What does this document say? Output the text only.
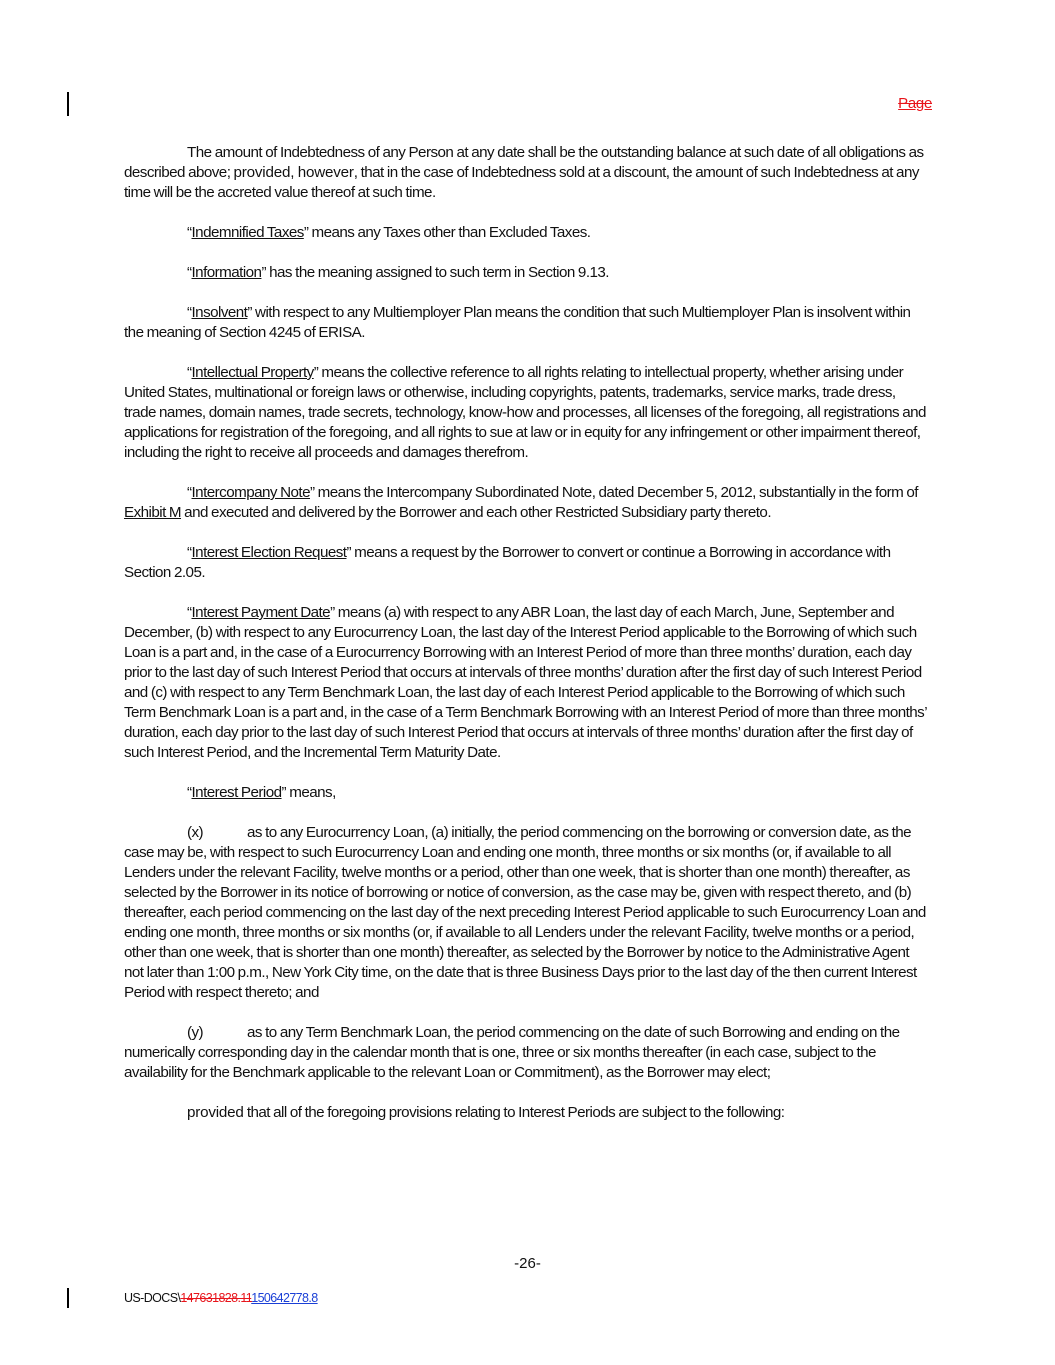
Page

The amount of Indebtedness of any Person at any date shall be the outstanding balance at such date of all obligations as described above; provided, however, that in the case of Indebtedness sold at a discount, the amount of such Indebtedness at any time will be the accreted value thereof at such time.

“Indemnified Taxes” means any Taxes other than Excluded Taxes.

“Information” has the meaning assigned to such term in Section 9.13.

“Insolvent” with respect to any Multiemployer Plan means the condition that such Multiemployer Plan is insolvent within the meaning of Section 4245 of ERISA.

“Intellectual Property” means the collective reference to all rights relating to intellectual property, whether arising under United States, multinational or foreign laws or otherwise, including copyrights, patents, trademarks, service marks, trade dress, trade names, domain names, trade secrets, technology, know-how and processes, all licenses of the foregoing, all registrations and applications for registration of the foregoing, and all rights to sue at law or in equity for any infringement or other impairment thereof, including the right to receive all proceeds and damages therefrom.

“Intercompany Note” means the Intercompany Subordinated Note, dated December 5, 2012, substantially in the form of Exhibit M and executed and delivered by the Borrower and each other Restricted Subsidiary party thereto.

“Interest Election Request” means a request by the Borrower to convert or continue a Borrowing in accordance with Section 2.05.

“Interest Payment Date” means (a) with respect to any ABR Loan, the last day of each March, June, September and December, (b) with respect to any Eurocurrency Loan, the last day of the Interest Period applicable to the Borrowing of which such Loan is a part and, in the case of a Eurocurrency Borrowing with an Interest Period of more than three months’ duration, each day prior to the last day of such Interest Period that occurs at intervals of three months’ duration after the first day of such Interest Period and (c) with respect to any Term Benchmark Loan, the last day of each Interest Period applicable to the Borrowing of which such Term Benchmark Loan is a part and, in the case of a Term Benchmark Borrowing with an Interest Period of more than three months’ duration, each day prior to the last day of such Interest Period that occurs at intervals of three months’ duration after the first day of such Interest Period, and the Incremental Term Maturity Date.

“Interest Period” means,

(x)	as to any Eurocurrency Loan, (a) initially, the period commencing on the borrowing or conversion date, as the case may be, with respect to such Eurocurrency Loan and ending one month, three months or six months (or, if available to all Lenders under the relevant Facility, twelve months or a period, other than one week, that is shorter than one month) thereafter, as selected by the Borrower in its notice of borrowing or notice of conversion, as the case may be, given with respect thereto, and (b) thereafter, each period commencing on the last day of the next preceding Interest Period applicable to such Eurocurrency Loan and ending one month, three months or six months (or, if available to all Lenders under the relevant Facility, twelve months or a period, other than one week, that is shorter than one month) thereafter, as selected by the Borrower by notice to the Administrative Agent not later than 1:00 p.m., New York City time, on the date that is three Business Days prior to the last day of the then current Interest Period with respect thereto; and

(y)	as to any Term Benchmark Loan, the period commencing on the date of such Borrowing and ending on the numerically corresponding day in the calendar month that is one, three or six months thereafter (in each case, subject to the availability for the Benchmark applicable to the relevant Loan or Commitment), as the Borrower may elect;

provided that all of the foregoing provisions relating to Interest Periods are subject to the following:

-26-
US-DOCS\147631828.11150642778.8
